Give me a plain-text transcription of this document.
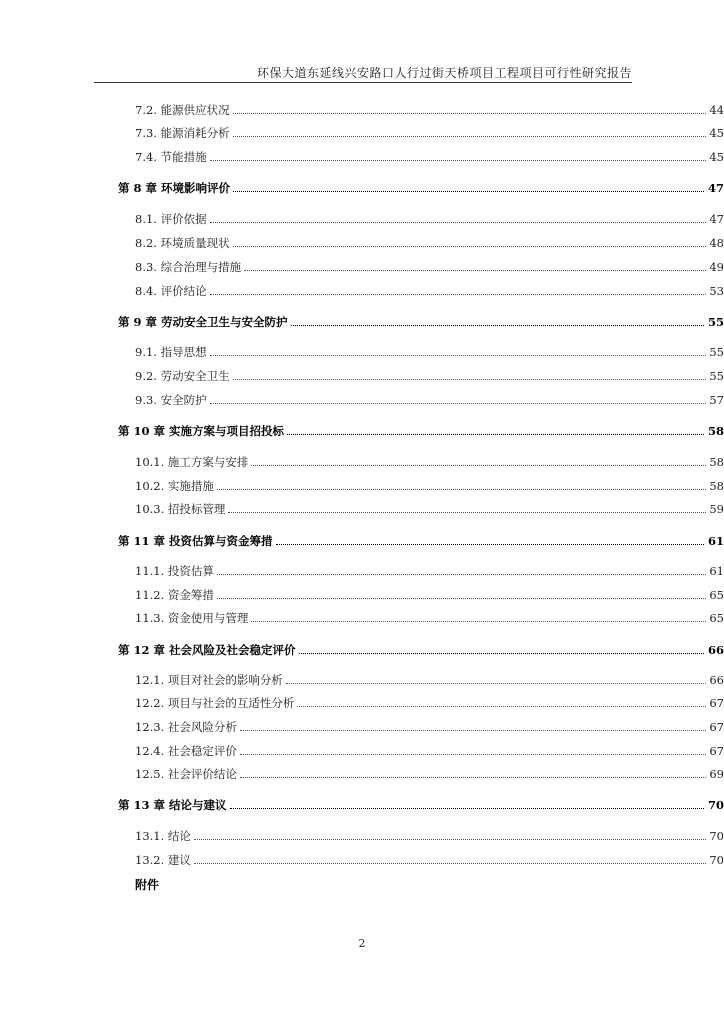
环保大道东延线兴安路口人行过街天桥项目工程项目可行性研究报告
7.2. 能源供应状况	44
7.3. 能源消耗分析	45
7.4. 节能措施	45
第 8 章 环境影响评价	47
8.1. 评价依据	47
8.2. 环境质量现状	48
8.3. 综合治理与措施	49
8.4. 评价结论	53
第 9 章 劳动安全卫生与安全防护	55
9.1. 指导思想	55
9.2. 劳动安全卫生	55
9.3. 安全防护	57
第 10 章 实施方案与项目招投标	58
10.1. 施工方案与安排	58
10.2. 实施措施	58
10.3. 招投标管理	59
第 11 章 投资估算与资金筹措	61
11.1. 投资估算	61
11.2. 资金筹措	65
11.3. 资金使用与管理	65
第 12 章 社会风险及社会稳定评价	66
12.1. 项目对社会的影响分析	66
12.2. 项目与社会的互适性分析	67
12.3. 社会风险分析	67
12.4. 社会稳定评价	67
12.5. 社会评价结论	69
第 13 章 结论与建议	70
13.1. 结论	70
13.2. 建议	70
附件
2
